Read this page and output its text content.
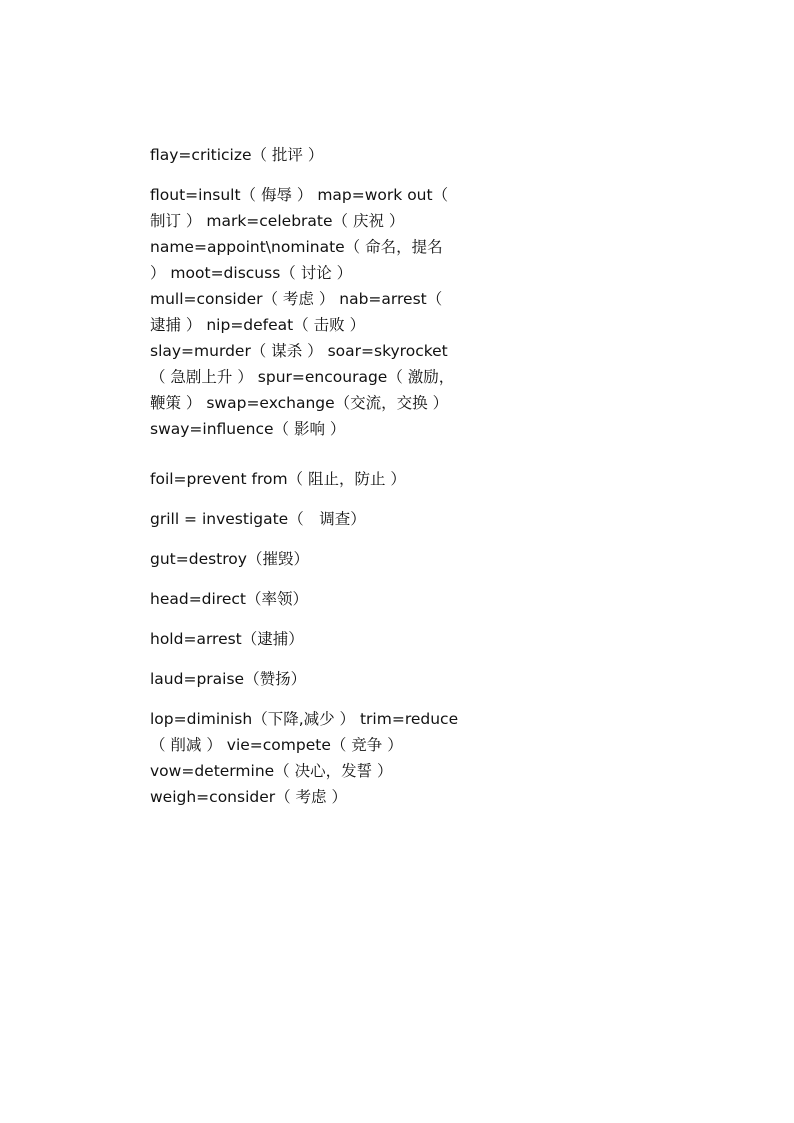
flay=criticize（ 批评 ）

flout=insult（ 侮辱 ） map=work out（ 制订 ） mark=celebrate（ 庆祝 ） name=appoint\nominate（ 命名，提名 ） moot=discuss（ 讨论 ） mull=consider（ 考虑 ） nab=arrest（ 逮捕 ） nip=defeat（ 击败 ） slay=murder（ 谋杀 ） soar=skyrocket（ 急剧上升 ） spur=encourage（ 激励，鞭策 ） swap=exchange（交流，交换 ） sway=influence（ 影响 ）

foil=prevent from（ 阻止，防止 ）

grill = investigate（　调查）

gut=destroy（摧毁）

head=direct（率领）

hold=arrest（逮捕）

laud=praise（赞扬）

lop=diminish（下降,减少 ） trim=reduce（ 削减 ） vie=compete（ 竞争 ） vow=determine（ 决心，发誓 ） weigh=consider（ 考虑 ）
